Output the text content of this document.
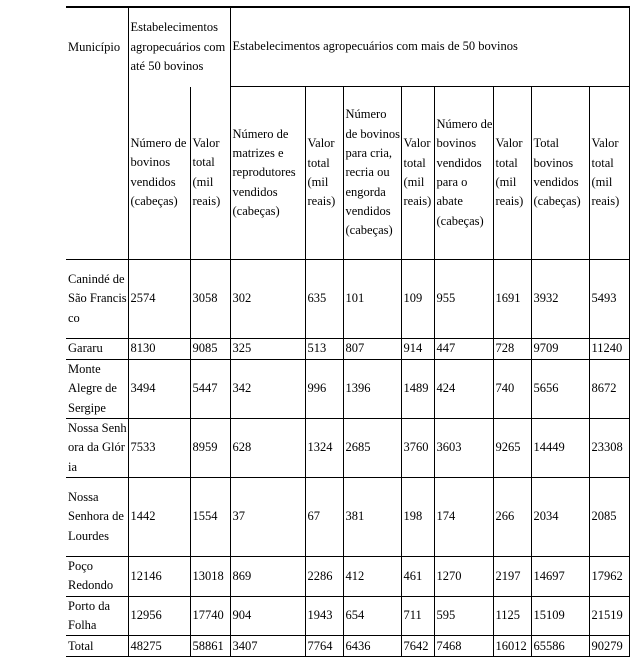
Município	Estabelecimentos agropecuários com até 50 bovinos		Estabelecimentos agropecuários com mais de 50 bovinos							
	Número de bovinos vendidos (cabeças)	Valor total (mil reais)	Número de matrizes e reprodutores vendidos (cabeças)	Valor total (mil reais)	Número de bovinos para cria, recria ou engorda vendidos (cabeças)	Valor total (mil reais)	Número de bovinos vendidos para o abate (cabeças)	Valor total (mil reais)	Total bovinos vendidos (cabeças)	Valor total (mil reais)
Canindé de São Francisco	2574	3058	302	635	101	109	955	1691	3932	5493
Gararu	8130	9085	325	513	807	914	447	728	9709	11240
Monte Alegre de Sergipe	3494	5447	342	996	1396	1489	424	740	5656	8672
Nossa Senhora da Glória	7533	8959	628	1324	2685	3760	3603	9265	14449	23308
Nossa Senhora de Lourdes	1442	1554	37	67	381	198	174	266	2034	2085
Poço Redondo	12146	13018	869	2286	412	461	1270	2197	14697	17962
Porto da Folha	12956	17740	904	1943	654	711	595	1125	15109	21519
Total	48275	58861	3407	7764	6436	7642	7468	16012	65586	90279
